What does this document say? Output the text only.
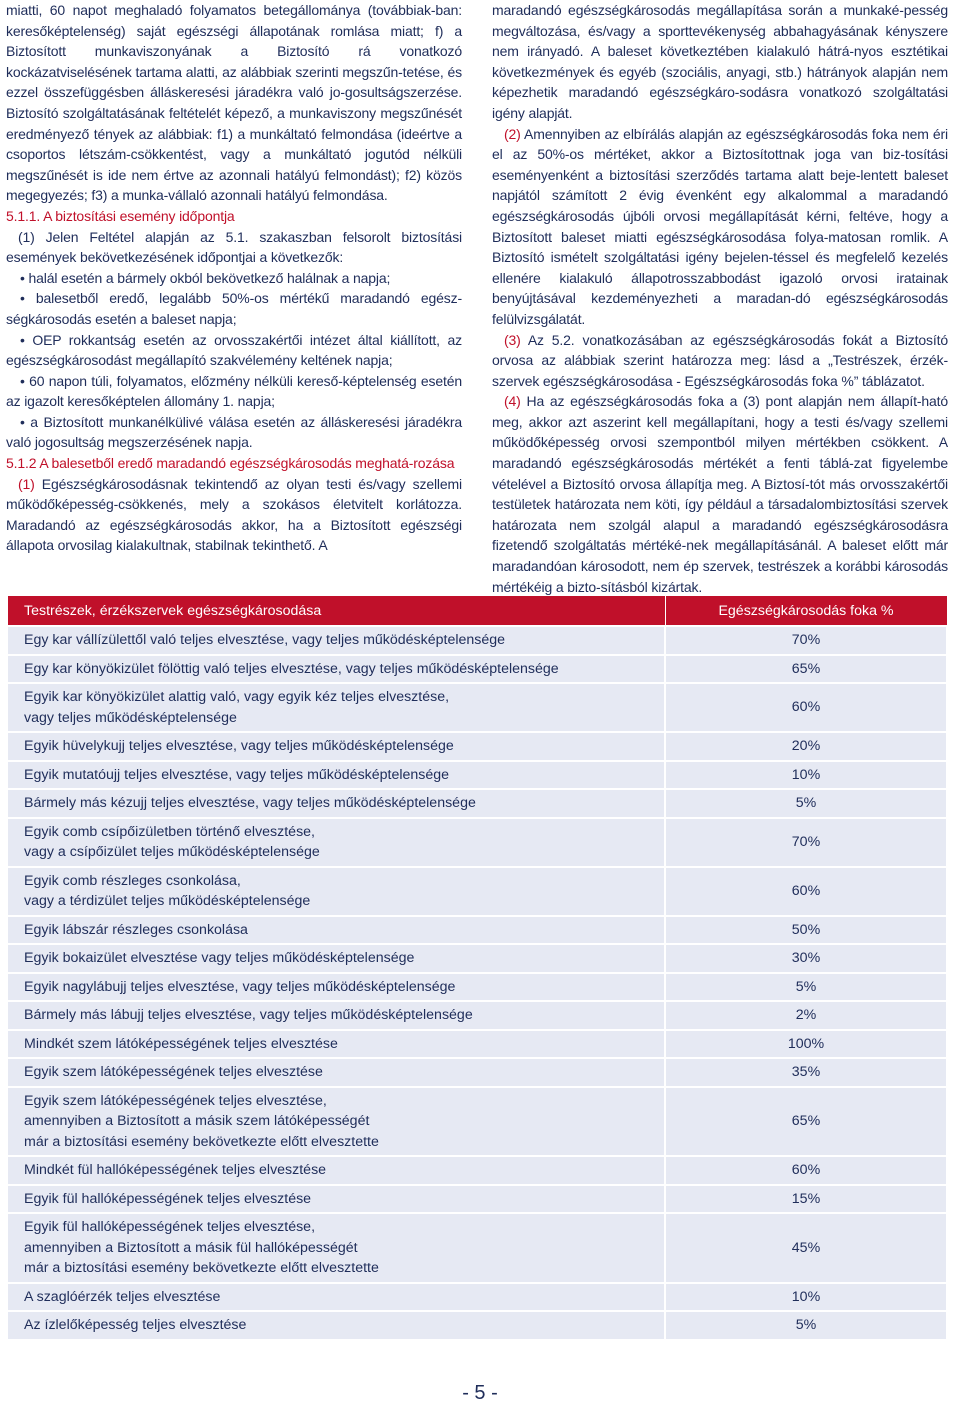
miatti, 60 napot meghaladó folyamatos betegállománya (továbbiak-ban: keresőképtelenség) saját egészségi állapotának romlása miatt; f) a Biztosított munkaviszonyának a Biztosító rá vonatkozó kockázatviselésének tartama alatti, az alábbiak szerinti megszűn-tetése, és ezzel összefüggésben álláskeresési járadékra való jo-gosultságszerzése. Biztosító szolgáltatásának feltételét képező, a munkaviszony megszűnését eredményező tények az alábbiak: f1) a munkáltató felmondása (ideértve a csoportos létszám-csökkentést, vagy a munkáltató jogutód nélküli megszűnését is ide nem értve az azonnali hatályú felmondást); f2) közös megegyezés; f3) a munka-vállaló azonnali hatályú felmondása.

5.1.1. A biztosítási esemény időpontja

(1) Jelen Feltétel alapján az 5.1. szakaszban felsorolt biztosítási események bekövetkezésének időpontjai a következők:

• halál esetén a bármely okból bekövetkező halálnak a napja;

• balesetből eredő, legalább 50%-os mértékű maradandó egész-ségkárosodás esetén a baleset napja;

• OEP rokkantság esetén az orvosszakértői intézet által kiállított, az egészségkárosodást megállapító szakvélemény keltének napja;

• 60 napon túli, folyamatos, előzmény nélküli kereső-képtelenség esetén az igazolt keresőképtelen állomány 1. napja;

• a Biztosított munkanélkülivé válása esetén az álláskeresési járadékra való jogosultság megszerzésének napja.

5.1.2 A balesetből eredő maradandó egészségkárosodás meghatá-rozása

(1) Egészségkárosodásnak tekintendő az olyan testi és/vagy szellemi működőképesség-csökkenés, mely a szokásos életvitelt korlátozza. Maradandó az egészségkárosodás akkor, ha a Biztosított egészségi állapota orvosilag kialakultnak, stabilnak tekinthető. A

maradandó egészségkárosodás megállapítása során a munkaké-pesség megváltozása, és/vagy a sporttevékenység abbahagyásának kényszere nem irányadó. A baleset következtében kialakuló hátrá-nyos esztétikai következmények és egyéb (szociális, anyagi, stb.) hátrányok alapján nem képezhetik maradandó egészségkáro-sodásra vonatkozó szolgáltatási igény alapját.

(2) Amennyiben az elbírálás alapján az egészségkárosodás foka nem éri el az 50%-os mértéket, akkor a Biztosítottnak joga van biz-tosítási eseményenként a biztosítási szerződés tartama alatt beje-lentett baleset napjától számított 2 évig évenként egy alkalommal a maradandó egészségkárosodás újbóli orvosi megállapítását kérni, feltéve, hogy a Biztosított baleset miatti egészségkárosodása folya-matosan romlik. A Biztosító ismételt szolgáltatási igény bejelen-téssel és megfelelő kezelés ellenére kialakuló állapotrosszabbodást igazoló orvosi iratainak benyújtásával kezdeményezheti a maradan-dó egészségkárosodás felülvizsgálatát.

(3) Az 5.2. vonatkozásában az egészségkárosodás fokát a Biztosító orvosa az alábbiak szerint határozza meg: lásd a „Testrészek, érzék-szervek egészségkárosodása - Egészségkárosodás foka %” táblázatot.

(4) Ha az egészségkárosodás foka a (3) pont alapján nem állapít-ható meg, akkor azt aszerint kell megállapítani, hogy a testi és/vagy szellemi működőképesség orvosi szempontból milyen mértékben csökkent. A maradandó egészségkárosodás mértékét a fenti táblá-zat figyelembe vételével a Biztosító orvosa állapítja meg. A Biztosí-tót más orvosszakértői testületek határozata nem köti, így például a társadalombiztosítási szervek határozata nem szolgál alapul a maradandó egészségkárosodásra fizetendő szolgáltatás mértéké-nek megállapításánál. A baleset előtt már maradandóan károsodott, nem ép szervek, testrészek a korábbi károsodás mértékéig a bizto-sításból kizártak.

Testrészek, érzékszervek egészségkárosodása	Egészségkárosodás foka %
Egy kar vállízülettől való teljes elvesztése, vagy teljes működésképtelensége	70%
Egy kar könyökizület fölöttig való teljes elvesztése, vagy teljes működésképtelensége	65%
Egyik kar könyökizület alattig való, vagy egyik kéz teljes elvesztése,
vagy teljes működésképtelensége	60%
Egyik hüvelykujj teljes elvesztése, vagy teljes működésképtelensége	20%
Egyik mutatóujj teljes elvesztése, vagy teljes működésképtelensége	10%
Bármely más kézujj teljes elvesztése, vagy teljes működésképtelensége	5%
Egyik comb csípőizületben történő elvesztése,
vagy a csípőizület teljes működésképtelensége	70%
Egyik comb részleges csonkolása,
vagy a térdizület teljes működésképtelensége	60%
Egyik lábszár részleges csonkolása	50%
Egyik bokaizület elvesztése vagy teljes működésképtelensége	30%
Egyik nagylábujj teljes elvesztése, vagy teljes működésképtelensége	5%
Bármely más lábujj teljes elvesztése, vagy teljes működésképtelensége	2%
Mindkét szem látóképességének teljes elvesztése	100%
Egyik szem látóképességének teljes elvesztése	35%
Egyik szem látóképességének teljes elvesztése,
amennyiben a Biztosított a másik szem látóképességét
már a biztosítási esemény bekövetkezte előtt elvesztette	65%
Mindkét fül hallóképességének teljes elvesztése	60%
Egyik fül hallóképességének teljes elvesztése	15%
Egyik fül hallóképességének teljes elvesztése,
amennyiben a Biztosított a másik fül hallóképességét
már a biztosítási esemény bekövetkezte előtt elvesztette	45%
A szaglóérzék teljes elvesztése	10%
Az ízlelőképesség teljes elvesztése	5%
- 5 -
